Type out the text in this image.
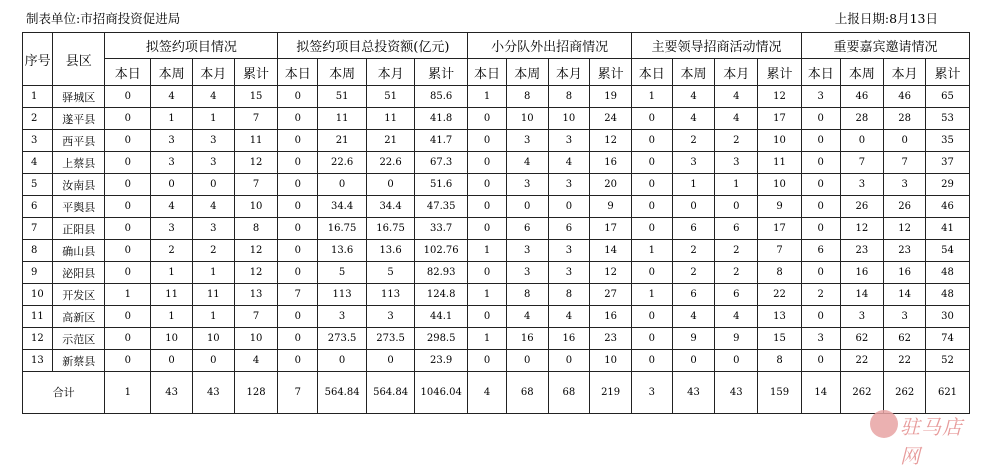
制表单位:市招商投资促进局	上报日期:8月13日
序号	县区	拟签约项目情况				拟签约项目总投资额(亿元)				小分队外出招商情况				主要领导招商活动情况				重要嘉宾邀请情况			
		本日	本周	本月	累计	本日	本周	本月	累计	本日	本周	本月	累计	本日	本周	本月	累计	本日	本周	本月	累计
1	驿城区	0	4	4	15	0	51	51	85.6	1	8	8	19	1	4	4	12	3	46	46	65
2	遂平县	0	1	1	7	0	11	11	41.8	0	10	10	24	0	4	4	17	0	28	28	53
3	西平县	0	3	3	11	0	21	21	41.7	0	3	3	12	0	2	2	10	0	0	0	35
4	上蔡县	0	3	3	12	0	22.6	22.6	67.3	0	4	4	16	0	3	3	11	0	7	7	37
5	汝南县	0	0	0	7	0	0	0	51.6	0	3	3	20	0	1	1	10	0	3	3	29
6	平舆县	0	4	4	10	0	34.4	34.4	47.35	0	0	0	9	0	0	0	9	0	26	26	46
7	正阳县	0	3	3	8	0	16.75	16.75	33.7	0	6	6	17	0	6	6	17	0	12	12	41
8	确山县	0	2	2	12	0	13.6	13.6	102.76	1	3	3	14	1	2	2	7	6	23	23	54
9	泌阳县	0	1	1	12	0	5	5	82.93	0	3	3	12	0	2	2	8	0	16	16	48
10	开发区	1	11	11	13	7	113	113	124.8	1	8	8	27	1	6	6	22	2	14	14	48
11	高新区	0	1	1	7	0	3	3	44.1	0	4	4	16	0	4	4	13	0	3	3	30
12	示范区	0	10	10	10	0	273.5	273.5	298.5	1	16	16	23	0	9	9	15	3	62	62	74
13	新蔡县	0	0	0	4	0	0	0	23.9	0	0	0	10	0	0	0	8	0	22	22	52
合计		1	43	43	128	7	564.84	564.84	1046.04	4	68	68	219	3	43	43	159	14	262	262	621
驻马店网
